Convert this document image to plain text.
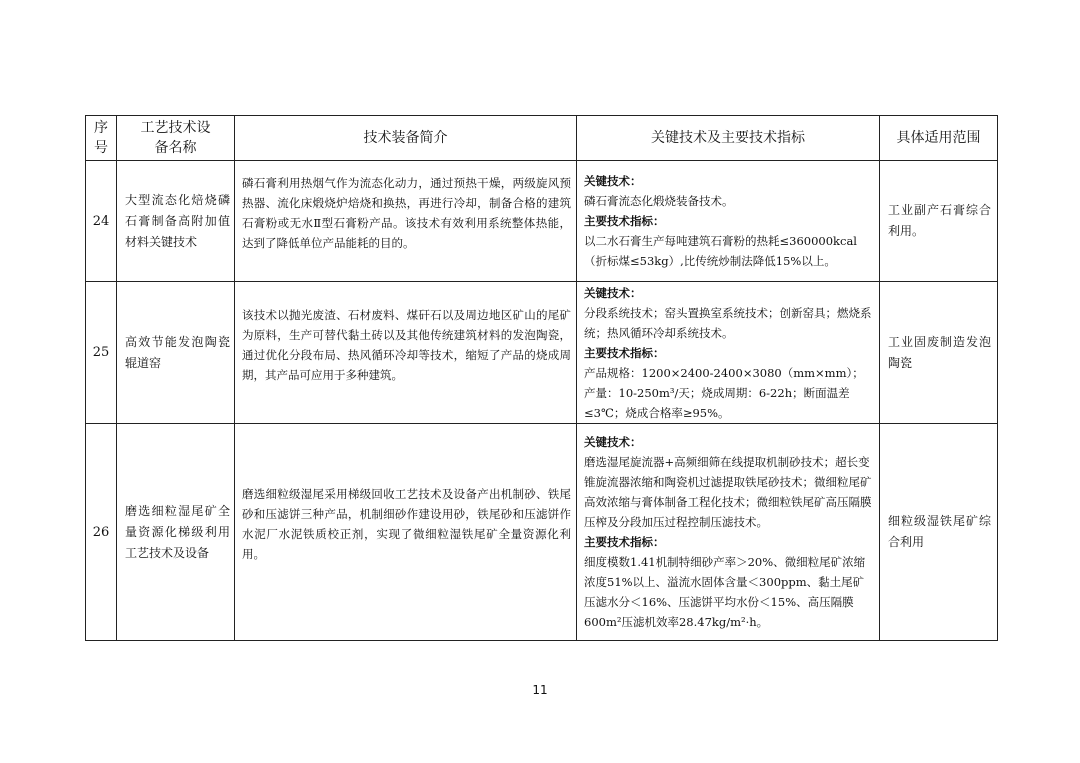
序号	工艺技术设备名称	技术装备简介	关键技术及主要技术指标	具体适用范围
24	大型流态化焙烧磷石膏制备高附加值材料关键技术	磷石膏利用热烟气作为流态化动力，通过预热干燥，两级旋风预热器、流化床煅烧炉焙烧和换热，再进行冷却，制备合格的建筑石膏粉或无水Ⅱ型石膏粉产品。该技术有效利用系统整体热能，达到了降低单位产品能耗的目的。	关键技术：
磷石膏流态化煅烧装备技术。
主要技术指标：
以二水石膏生产每吨建筑石膏粉的热耗≤360000kcal（折标煤≤53kg）,比传统炒制法降低15%以上。	工业副产石膏综合利用。
25	高效节能发泡陶瓷辊道窑	该技术以抛光废渣、石材废料、煤矸石以及周边地区矿山的尾矿为原料，生产可替代黏土砖以及其他传统建筑材料的发泡陶瓷，通过优化分段布局、热风循环冷却等技术，缩短了产品的烧成周期，其产品可应用于多种建筑。	关键技术：
分段系统技术；窑头置换室系统技术；创新窑具；燃烧系统；热风循环冷却系统技术。
主要技术指标：
产品规格：1200×2400-2400×3080（mm×mm）；产量：10-250m³/天；烧成周期：6-22h；断面温差≤3℃；烧成合格率≥95%。	工业固废制造发泡陶瓷
26	磨选细粒湿尾矿全量资源化梯级利用工艺技术及设备	磨选细粒级湿尾采用梯级回收工艺技术及设备产出机制砂、铁尾砂和压滤饼三种产品，机制细砂作建设用砂，铁尾砂和压滤饼作水泥厂水泥铁质校正剂，实现了微细粒湿铁尾矿全量资源化利用。	关键技术：
磨选湿尾旋流器+高频细筛在线提取机制砂技术；超长变锥旋流器浓缩和陶瓷机过滤提取铁尾砂技术；微细粒尾矿高效浓缩与膏体制备工程化技术；微细粒铁尾矿高压隔膜压榨及分段加压过程控制压滤技术。
主要技术指标：
细度模数1.41机制特细砂产率＞20%、微细粒尾矿浓缩浓度51%以上、溢流水固体含量＜300ppm、黏土尾矿压滤水分＜16%、压滤饼平均水份＜15%、高压隔膜600m²压滤机效率28.47kg/m²·h。	细粒级湿铁尾矿综合利用
11
